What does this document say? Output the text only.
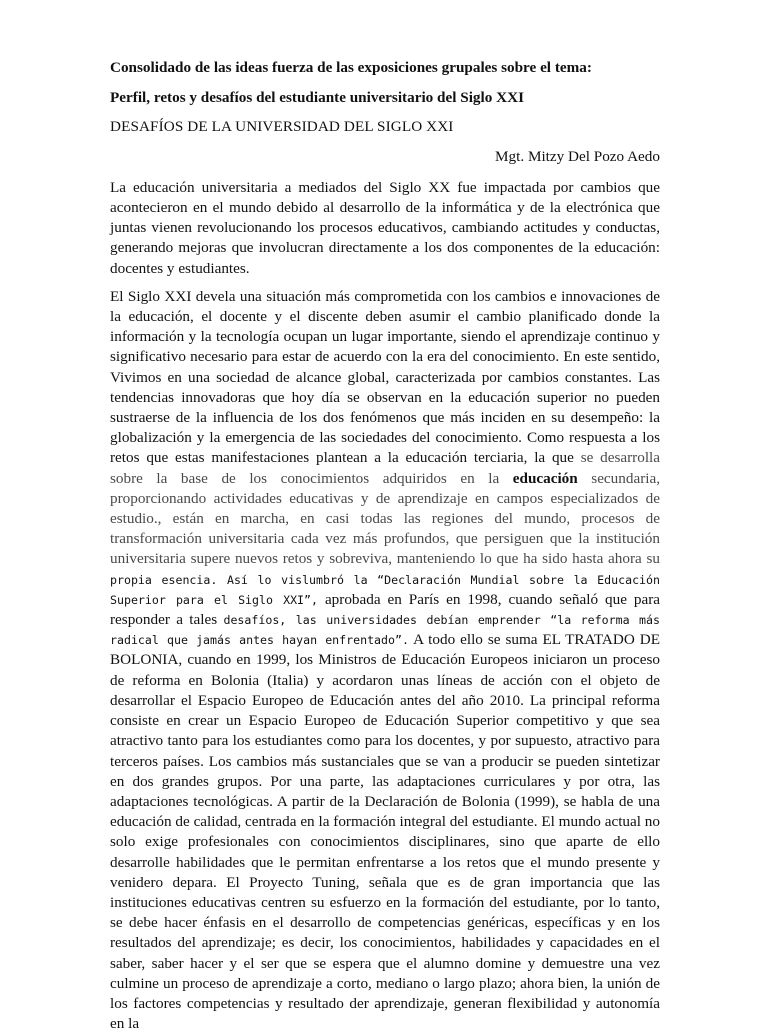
Consolidado de las ideas fuerza de las exposiciones grupales sobre el tema:

Perfil, retos y desafíos del estudiante universitario del Siglo XXI

DESAFÍOS DE LA UNIVERSIDAD DEL SIGLO XXI

Mgt. Mitzy Del Pozo Aedo

La educación universitaria a mediados del Siglo XX fue impactada por cambios que acontecieron en el mundo debido al desarrollo de la informática y de la electrónica que juntas vienen revolucionando los procesos educativos, cambiando actitudes y conductas, generando mejoras que involucran directamente a los dos componentes de la educación: docentes y estudiantes.

El Siglo XXI devela una situación más comprometida con los cambios e innovaciones de la educación, el docente y el discente deben asumir el cambio planificado donde la información y la tecnología ocupan un lugar importante, siendo el aprendizaje continuo y significativo necesario para estar de acuerdo con la era del conocimiento. En este sentido, Vivimos en una sociedad de alcance global, caracterizada por cambios constantes. Las tendencias innovadoras que hoy día se observan en la educación superior no pueden sustraerse de la influencia de los dos fenómenos que más inciden en su desempeño: la globalización y la emergencia de las sociedades del conocimiento. Como respuesta a los retos que estas manifestaciones plantean a la educación terciaria, la que se desarrolla sobre la base de los conocimientos adquiridos en la educación secundaria, proporcionando actividades educativas y de aprendizaje en campos especializados de estudio., están en marcha, en casi todas las regiones del mundo, procesos de transformación universitaria cada vez más profundos, que persiguen que la institución universitaria supere nuevos retos y sobreviva, manteniendo lo que ha sido hasta ahora su propia esencia. Así lo vislumbró la “Declaración Mundial sobre la Educación Superior para el Siglo XXI”, aprobada en París en 1998, cuando señaló que para responder a tales desafíos, las universidades debían emprender “la reforma más radical que jamás antes hayan enfrentado”. A todo ello se suma EL TRATADO DE BOLONIA, cuando en 1999, los Ministros de Educación Europeos iniciaron un proceso de reforma en Bolonia (Italia) y acordaron unas líneas de acción con el objeto de desarrollar el Espacio Europeo de Educación antes del año 2010. La principal reforma consiste en crear un Espacio Europeo de Educación Superior competitivo y que sea atractivo tanto para los estudiantes como para los docentes, y por supuesto, atractivo para terceros países. Los cambios más sustanciales que se van a producir se pueden sintetizar en dos grandes grupos. Por una parte, las adaptaciones curriculares y por otra, las adaptaciones tecnológicas. A partir de la Declaración de Bolonia (1999), se habla de una educación de calidad, centrada en la formación integral del estudiante. El mundo actual no solo exige profesionales con conocimientos disciplinares, sino que aparte de ello desarrolle habilidades que le permitan enfrentarse a los retos que el mundo presente y venidero depara. El Proyecto Tuning, señala que es de gran importancia que las instituciones educativas centren su esfuerzo en la formación del estudiante, por lo tanto, se debe hacer énfasis en el desarrollo de competencias genéricas, específicas y en los resultados del aprendizaje; es decir, los conocimientos, habilidades y capacidades en el saber, saber hacer y el ser que se espera que el alumno domine y demuestre una vez culmine un proceso de aprendizaje a corto, mediano o largo plazo; ahora bien, la unión de los factores competencias y resultado der aprendizaje, generan flexibilidad y autonomía en la
